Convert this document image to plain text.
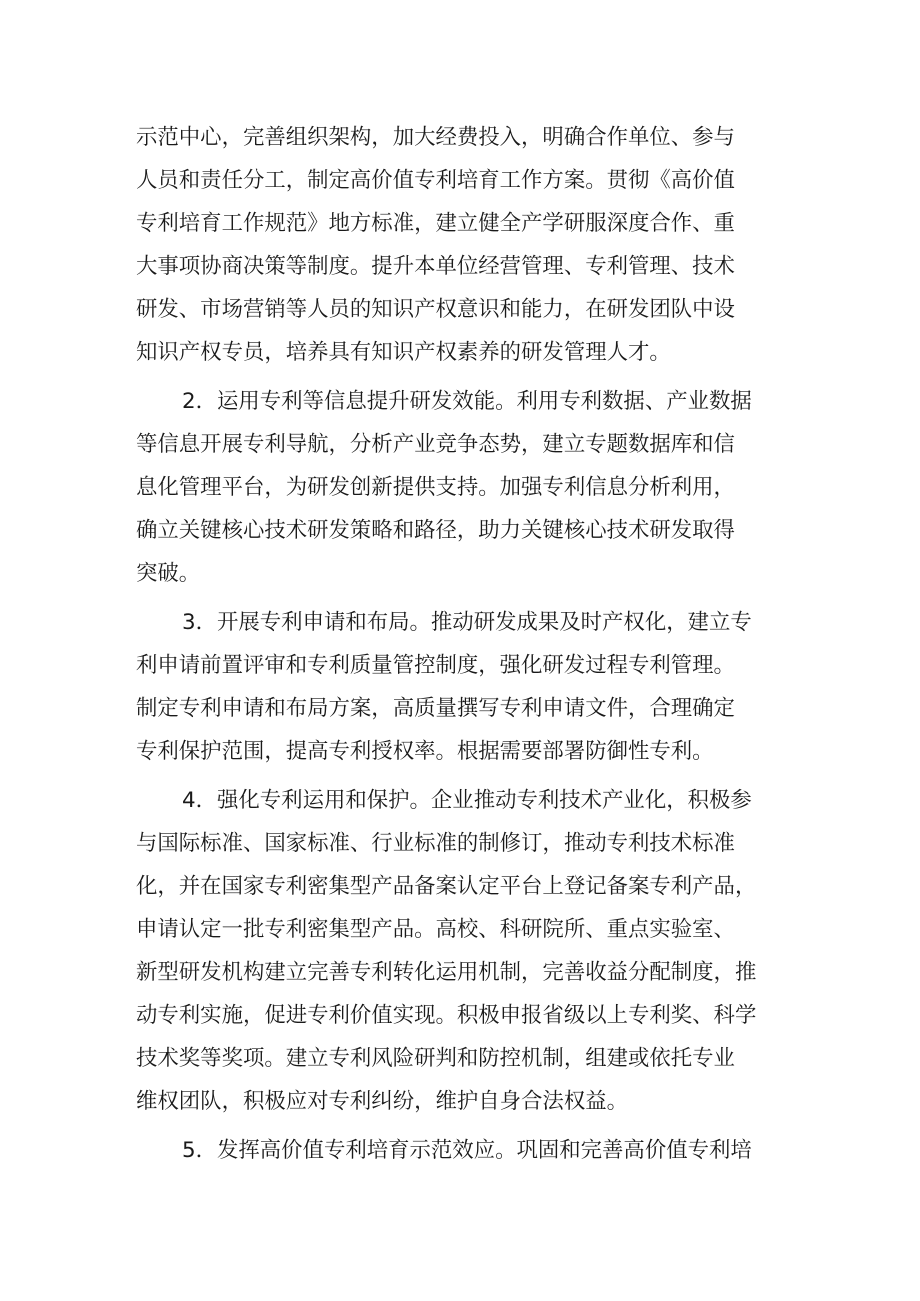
示范中心，完善组织架构，加大经费投入，明确合作单位、参与
人员和责任分工，制定高价值专利培育工作方案。贯彻《高价值
专利培育工作规范》地方标准，建立健全产学研服深度合作、重
大事项协商决策等制度。提升本单位经营管理、专利管理、技术
研发、市场营销等人员的知识产权意识和能力，在研发团队中设
知识产权专员，培养具有知识产权素养的研发管理人才。
2．运用专利等信息提升研发效能。利用专利数据、产业数据
等信息开展专利导航，分析产业竞争态势，建立专题数据库和信
息化管理平台，为研发创新提供支持。加强专利信息分析利用，
确立关键核心技术研发策略和路径，助力关键核心技术研发取得
突破。
3．开展专利申请和布局。推动研发成果及时产权化，建立专
利申请前置评审和专利质量管控制度，强化研发过程专利管理。
制定专利申请和布局方案，高质量撰写专利申请文件，合理确定
专利保护范围，提高专利授权率。根据需要部署防御性专利。
4．强化专利运用和保护。企业推动专利技术产业化，积极参
与国际标准、国家标准、行业标准的制修订，推动专利技术标准
化，并在国家专利密集型产品备案认定平台上登记备案专利产品，
申请认定一批专利密集型产品。高校、科研院所、重点实验室、
新型研发机构建立完善专利转化运用机制，完善收益分配制度，推
动专利实施，促进专利价值实现。积极申报省级以上专利奖、科学
技术奖等奖项。建立专利风险研判和防控机制，组建或依托专业
维权团队，积极应对专利纠纷，维护自身合法权益。
5．发挥高价值专利培育示范效应。巩固和完善高价值专利培
